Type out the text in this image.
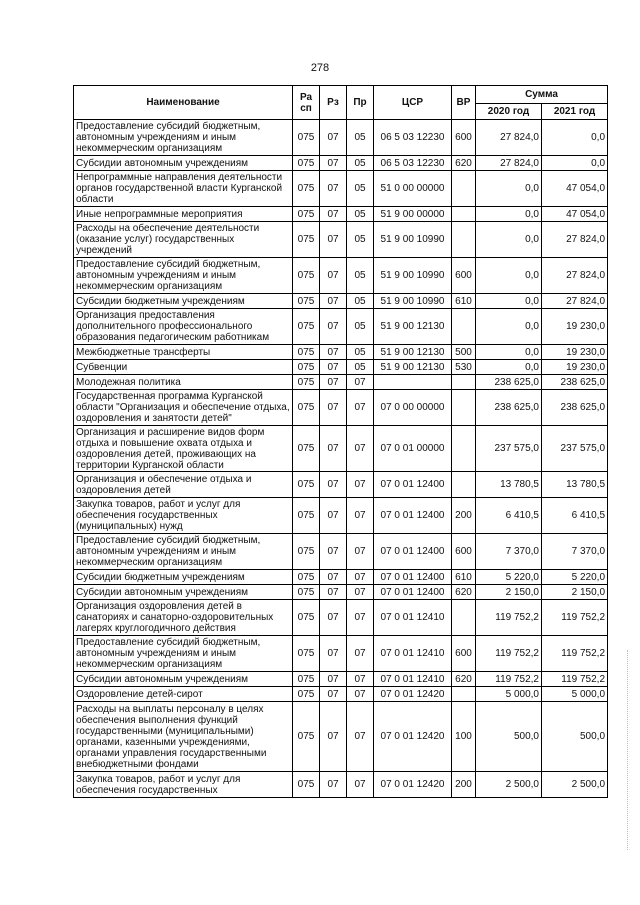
278
Наименование	Ра сп	Рз	Пр	ЦСР	ВР	Сумма	
						2020 год	2021 год
Предоставление субсидий бюджетным, автономным учреждениям и иным некоммерческим организациям	075	07	05	06 5 03 12230	600	27 824,0	0,0
Субсидии автономным учреждениям	075	07	05	06 5 03 12230	620	27 824,0	0,0
Непрограммные направления деятельности органов государственной власти Курганской области	075	07	05	51 0 00 00000		0,0	47 054,0
Иные непрограммные мероприятия	075	07	05	51 9 00 00000		0,0	47 054,0
Расходы на обеспечение деятельности (оказание услуг) государственных учреждений	075	07	05	51 9 00 10990		0,0	27 824,0
Предоставление субсидий бюджетным, автономным учреждениям и иным некоммерческим организациям	075	07	05	51 9 00 10990	600	0,0	27 824,0
Субсидии бюджетным учреждениям	075	07	05	51 9 00 10990	610	0,0	27 824,0
Организация предоставления дополнительного профессионального образования педагогическим работникам	075	07	05	51 9 00 12130		0,0	19 230,0
Межбюджетные трансферты	075	07	05	51 9 00 12130	500	0,0	19 230,0
Субвенции	075	07	05	51 9 00 12130	530	0,0	19 230,0
Молодежная политика	075	07	07			238 625,0	238 625,0
Государственная программа Курганской области "Организация и обеспечение отдыха, оздоровления и занятости детей"	075	07	07	07 0 00 00000		238 625,0	238 625,0
Организация и расширение видов форм отдыха и повышение охвата отдыха и оздоровления детей, проживающих на территории Курганской области	075	07	07	07 0 01 00000		237 575,0	237 575,0
Организация и обеспечение отдыха и оздоровления детей	075	07	07	07 0 01 12400		13 780,5	13 780,5
Закупка товаров, работ и услуг для обеспечения государственных (муниципальных) нужд	075	07	07	07 0 01 12400	200	6 410,5	6 410,5
Предоставление субсидий бюджетным, автономным учреждениям и иным некоммерческим организациям	075	07	07	07 0 01 12400	600	7 370,0	7 370,0
Субсидии бюджетным учреждениям	075	07	07	07 0 01 12400	610	5 220,0	5 220,0
Субсидии автономным учреждениям	075	07	07	07 0 01 12400	620	2 150,0	2 150,0
Организация оздоровления детей в санаториях и санаторно-оздоровительных лагерях круглогодичного действия	075	07	07	07 0 01 12410		119 752,2	119 752,2
Предоставление субсидий бюджетным, автономным учреждениям и иным некоммерческим организациям	075	07	07	07 0 01 12410	600	119 752,2	119 752,2
Субсидии автономным учреждениям	075	07	07	07 0 01 12410	620	119 752,2	119 752,2
Оздоровление детей-сирот	075	07	07	07 0 01 12420		5 000,0	5 000,0
Расходы на выплаты персоналу в целях обеспечения выполнения функций государственными (муниципальными) органами, казенными учреждениями, органами управления государственными внебюджетными фондами	075	07	07	07 0 01 12420	100	500,0	500,0
Закупка товаров, работ и услуг для обеспечения государственных	075	07	07	07 0 01 12420	200	2 500,0	2 500,0
